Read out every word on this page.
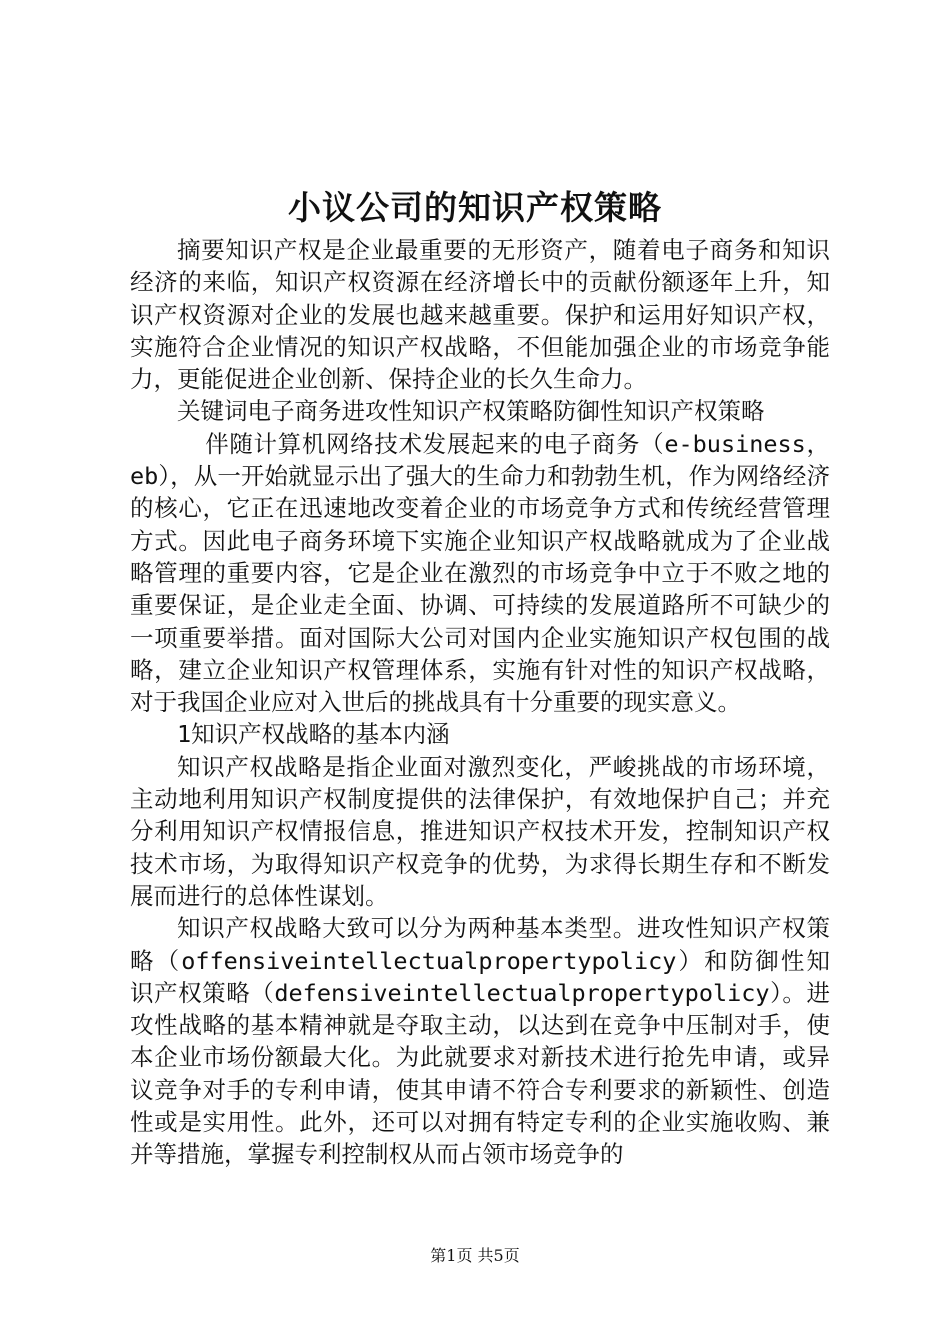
小议公司的知识产权策略

摘要知识产权是企业最重要的无形资产，随着电子商务和知识经济的来临，知识产权资源在经济增长中的贡献份额逐年上升，知识产权资源对企业的发展也越来越重要。保护和运用好知识产权，实施符合企业情况的知识产权战略，不但能加强企业的市场竞争能力，更能促进企业创新、保持企业的长久生命力。

关键词电子商务进攻性知识产权策略防御性知识产权策略

伴随计算机网络技术发展起来的电子商务（e-business，eb），从一开始就显示出了强大的生命力和勃勃生机，作为网络经济的核心，它正在迅速地改变着企业的市场竞争方式和传统经营管理方式。因此电子商务环境下实施企业知识产权战略就成为了企业战略管理的重要内容，它是企业在激烈的市场竞争中立于不败之地的重要保证，是企业走全面、协调、可持续的发展道路所不可缺少的一项重要举措。面对国际大公司对国内企业实施知识产权包围的战略，建立企业知识产权管理体系，实施有针对性的知识产权战略，对于我国企业应对入世后的挑战具有十分重要的现实意义。

1知识产权战略的基本内涵

知识产权战略是指企业面对激烈变化，严峻挑战的市场环境，主动地利用知识产权制度提供的法律保护，有效地保护自己；并充分利用知识产权情报信息，推进知识产权技术开发，控制知识产权技术市场，为取得知识产权竞争的优势，为求得长期生存和不断发展而进行的总体性谋划。

知识产权战略大致可以分为两种基本类型。进攻性知识产权策略（offensiveintellectualpropertypolicy）和防御性知识产权策略（defensiveintellectualpropertypolicy）。进攻性战略的基本精神就是夺取主动，以达到在竞争中压制对手，使本企业市场份额最大化。为此就要求对新技术进行抢先申请，或异议竞争对手的专利申请，使其申请不符合专利要求的新颖性、创造性或是实用性。此外，还可以对拥有特定专利的企业实施收购、兼并等措施，掌握专利控制权从而占领市场竞争的

第1页 共5页
